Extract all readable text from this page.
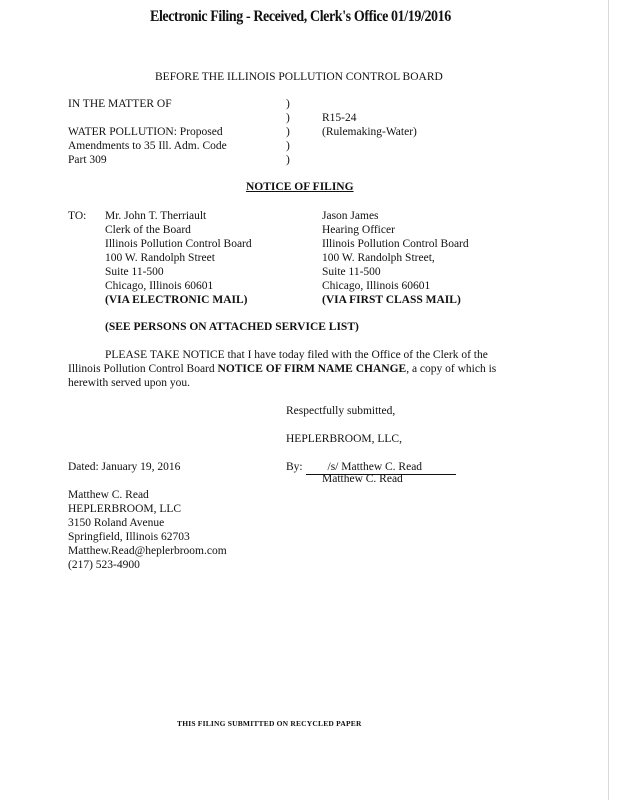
Electronic Filing - Received, Clerk's Office 01/19/2016
BEFORE THE ILLINOIS POLLUTION CONTROL BOARD
IN THE MATTER OF
WATER POLLUTION: Proposed
Amendments to 35 Ill. Adm. Code
Part 309
)
)
)
)
)
R15-24
(Rulemaking-Water)
NOTICE OF FILING
TO: Mr. John T. Therriault
Clerk of the Board
Illinois Pollution Control Board
100 W. Randolph Street
Suite 11-500
Chicago, Illinois 60601
(VIA ELECTRONIC MAIL)
Jason James
Hearing Officer
Illinois Pollution Control Board
100 W. Randolph Street,
Suite 11-500
Chicago, Illinois 60601
(VIA FIRST CLASS MAIL)
(SEE PERSONS ON ATTACHED SERVICE LIST)
PLEASE TAKE NOTICE that I have today filed with the Office of the Clerk of the
Illinois Pollution Control Board NOTICE OF FIRM NAME CHANGE, a copy of which is
herewith served upon you.
Respectfully submitted,
HEPLERBROOM, LLC,
Dated: January 19, 2016	By: /s/ Matthew C. Read
Matthew C. Read
Matthew C. Read
HEPLERBROOM, LLC
3150 Roland Avenue
Springfield, Illinois 62703
Matthew.Read@heplerbroom.com
(217) 523-4900
THIS FILING SUBMITTED ON RECYCLED PAPER
